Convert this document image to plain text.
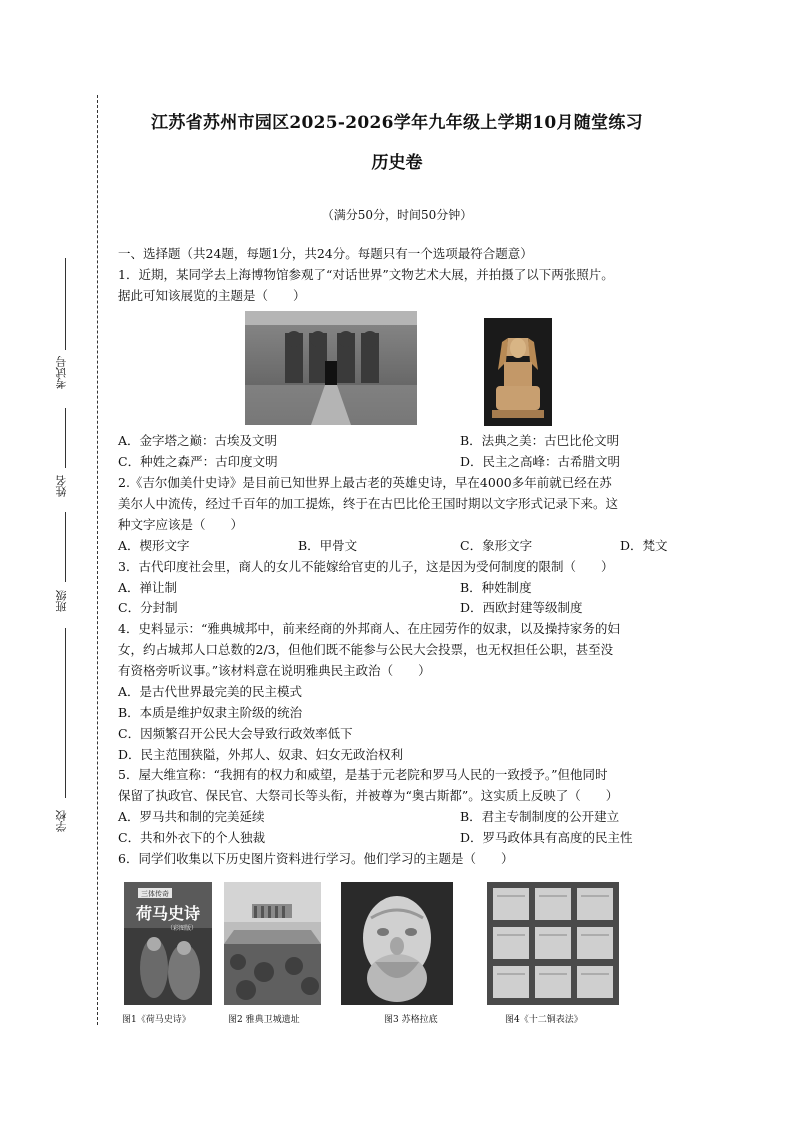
江苏省苏州市园区2025-2026学年九年级上学期10月随堂练习
历史卷
（满分50分，时间50分钟）
考试号
姓名
班级
学校
一、选择题（共24题，每题1分，共24分。每题只有一个选项最符合题意）
1．近期，某同学去上海博物馆参观了“对话世界”文物艺术大展，并拍摄了以下两张照片。
据此可知该展览的主题是（　　）
A．金字塔之巅：古埃及文明	B．法典之美：古巴比伦文明
C．种姓之森严：古印度文明	D．民主之高峰：古希腊文明
2.《吉尔伽美什史诗》是目前已知世界上最古老的英雄史诗，早在4000多年前就已经在苏
美尔人中流传，经过千百年的加工提炼，终于在古巴比伦王国时期以文字形式记录下来。这
种文字应该是（　　）
A．楔形文字	B．甲骨文	C．象形文字	D．梵文
3．古代印度社会里，商人的女儿不能嫁给官吏的儿子，这是因为受何制度的限制（　　）
A．禅让制	B．种姓制度
C．分封制	D．西欧封建等级制度
4．史料显示：“雅典城邦中，前来经商的外邦商人、在庄园劳作的奴隶，以及操持家务的妇
女，约占城邦人口总数的2/3，但他们既不能参与公民大会投票，也无权担任公职，甚至没
有资格旁听议事。”该材料意在说明雅典民主政治（　　）
A．是古代世界最完美的民主模式
B．本质是维护奴隶主阶级的统治
C．因频繁召开公民大会导致行政效率低下
D．民主范围狭隘，外邦人、奴隶、妇女无政治权利
5．屋大维宣称：“我拥有的权力和威望，是基于元老院和罗马人民的一致授予。”但他同时
保留了执政官、保民官、大祭司长等头衔，并被尊为“奥古斯都”。这实质上反映了（　　）
A．罗马共和制的完美延续	B．君主专制制度的公开建立
C．共和外衣下的个人独裁	D．罗马政体具有高度的民主性
6．同学们收集以下历史图片资料进行学习。他们学习的主题是（　　）
三体传奇
荷马史诗
（彩图版）
图1《荷马史诗》	图2 雅典卫城遗址	图3 苏格拉底	图4《十二铜表法》
